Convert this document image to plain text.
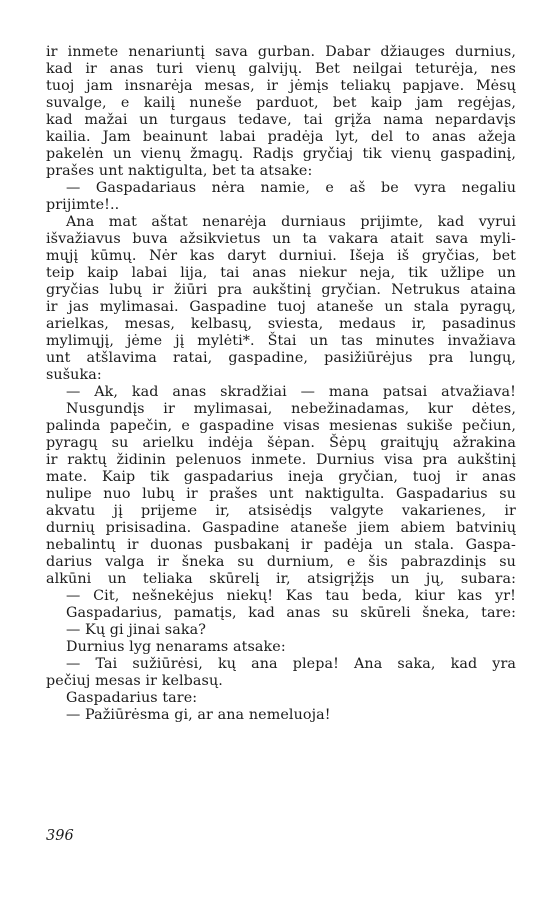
ir inmete nenariuntį sava gurban. Dabar džiauges durnius,
kad ir anas turi vienų galvijų. Bet neilgai teturėja, nes
tuoj jam insnarėja mesas, ir jėmįs teliakų papjave. Mėsų
suvalge, e kailį nuneše parduot, bet kaip jam regėjas,
kad mažai un turgaus tedave, tai grįža nama nepardavįs
kailia. Jam beainunt labai pradėja lyt, del to anas ažeja
pakelėn un vienų žmagų. Radįs gryčiaj tik vienų gaspadinį,
prašes unt naktigulta, bet ta atsake:
— Gaspadariaus nėra namie, e aš be vyra negaliu
prijimte!..
Ana mat aštat nenarėja durniaus prijimte, kad vyrui
išvažiavus buva ažsikvietus un ta vakara atait sava myli-
mųjį kūmų. Nėr kas daryt durniui. Išeja iš gryčias, bet
teip kaip labai lija, tai anas niekur neja, tik užlipe un
gryčias lubų ir žiūri pra aukštinį gryčian. Netrukus ataina
ir jas mylimasai. Gaspadine tuoj ataneše un stala pyragų,
arielkas, mesas, kelbasų, sviesta, medaus ir, pasadinus
mylimųjį, jėme jį mylėti*. Štai un tas minutes invažiava
unt atšlavima ratai, gaspadine, pasižiūrėjus pra lungų,
sušuka:
— Ak, kad anas skradžiai — mana patsai atvažiava!
Nusgundįs ir mylimasai, nebežinadamas, kur dėtes,
palinda papečin, e gaspadine visas mesienas sukiše pečiun,
pyragų su arielku indėja šėpan. Šėpų graitųjų ažrakina
ir raktų židinin pelenuos inmete. Durnius visa pra aukštinį
mate. Kaip tik gaspadarius ineja gryčian, tuoj ir anas
nulipe nuo lubų ir prašes unt naktigulta. Gaspadarius su
akvatu jį prijeme ir, atsisėdįs valgyte vakarienes, ir
durnių prisisadina. Gaspadine ataneše jiem abiem batvinių
nebalintų ir duonas pusbakanį ir padėja un stala. Gaspa-
darius valga ir šneka su durnium, e šis pabrazdinįs su
alkūni un teliaka skūrelį ir, atsigrįžįs un jų, subara:
— Cit, nešnekėjus niekų! Kas tau beda, kiur kas yr!
Gaspadarius, pamatįs, kad anas su skūreli šneka, tare:
— Kų gi jinai saka?
Durnius lyg nenarams atsake:
— Tai sužiūrėsi, kų ana plepa! Ana saka, kad yra
pečiuj mesas ir kelbasų.
Gaspadarius tare:
— Pažiūrėsma gi, ar ana nemeluoja!
396
